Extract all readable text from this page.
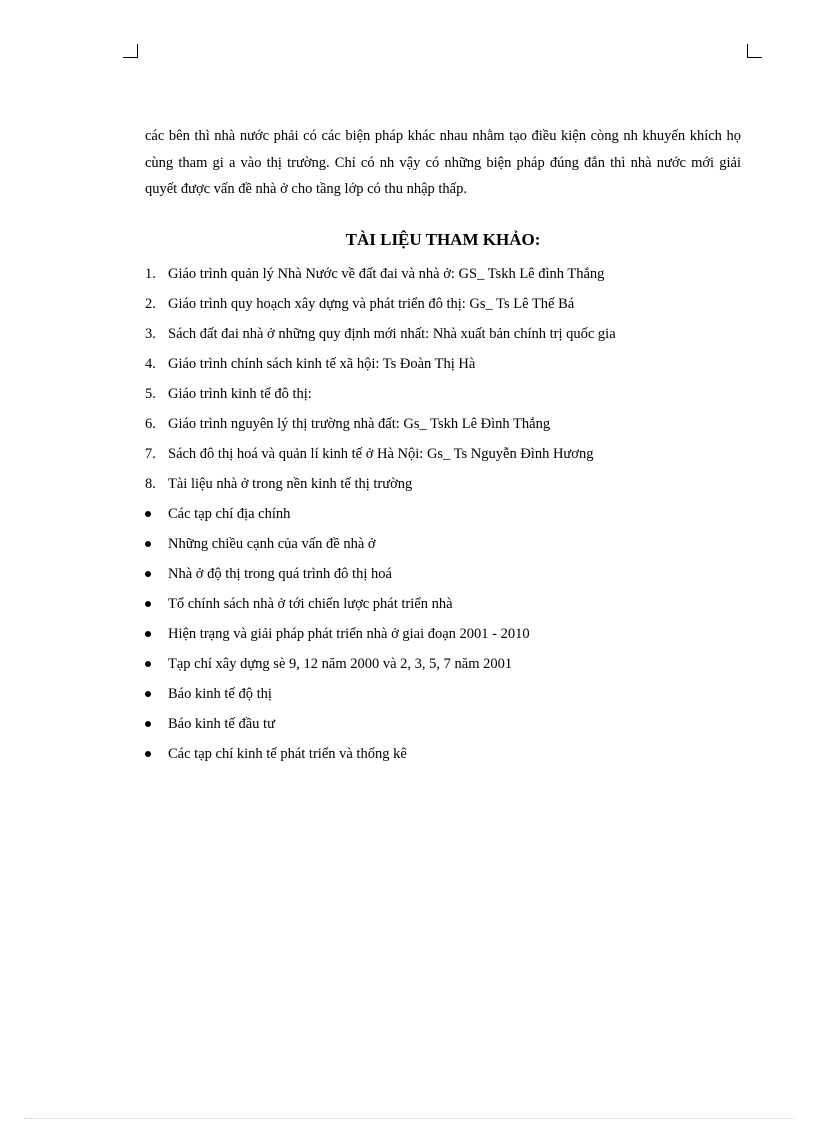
các bên thì nhà nước phải có các biện pháp khác nhau nhằm tạo điều kiện còng nh khuyến khích họ cùng tham gi a vào thị trường. Chỉ có nh vậy có những biện pháp đúng đắn thì nhà nước mới giải quyết được vấn đề nhà ở cho tầng lớp có thu nhập thấp.

TÀI LIỆU THAM KHẢO:
1. Giáo trình quản lý Nhà Nước về đất đai và nhà ở: GS_ Tskh Lê đình Thắng
2. Giáo trình quy hoạch xây dựng và phát triển đô thị: Gs_ Ts Lê Thế Bá
3. Sách đất đai nhà ở những quy định mới nhất: Nhà xuất bản chính trị quốc gia
4. Giáo trình chính sách kinh tế xã hội: Ts Đoàn Thị Hà
5. Giáo trình kinh tế đô thị:
6. Giáo trình nguyên lý thị trường nhà đất: Gs_ Tskh Lê Đình Thắng
7. Sách đô thị hoá và quản lí kinh tế ở Hà Nội: Gs_ Ts Nguyễn Đình Hương
8. Tài liệu nhà ở trong nền kinh tế thị trường
Các tạp chí địa chính
Những chiều cạnh của vấn đề nhà ở
Nhà ở độ thị trong quá trình đô thị hoá
Tổ chính sách nhà ở tới chiến lược phát triển nhà
Hiện trạng và giải pháp phát triển nhà ở giai đoạn 2001 - 2010
Tạp chí xây dựng sè 9, 12 năm 2000 và 2, 3, 5, 7 năm 2001
Báo kinh tế độ thị
Báo kinh tế đầu tư
Các tạp chí kinh tế phát triển và thống kê
